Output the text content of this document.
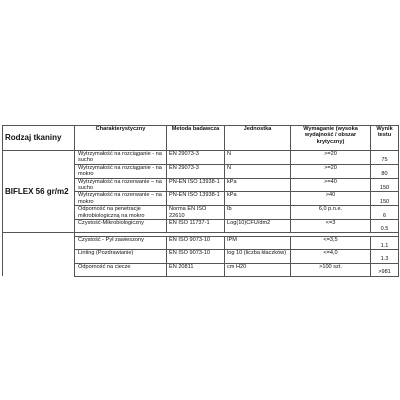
Rodzaj tkaniny	Charakterystyczny	Metoda badawcza	Jednostka	Wymaganie (wysoka wydajność / obszar krytyczny)	Wynik testu
BIFLEX 56 gr/m2	Wytrzymałość na rozciąganie - na sucho	EN 29073-3	N	>=20	75
	Wytrzymałość na rozciąganie - na mokro	EN 29073-3	N	>=20	80
	Wytrzymałość na rozerwanie – na sucho	PN-EN ISO 13938-1	kPa	>=40	150
	Wytrzymałość na rozerwanie – na mokro	PN-EN ISO 13938-1	kPa	>40	150
	Odporność na penetracje mikrobiologiczną na mokro	Norma EN ISO 22610	Ib	6,0 p.n.e.	6
	Czystość-Mikrobiologiczny	EN ISO 11737-1	Log(10)CFU/dm2	<=3	0.5

	Czystość - Pył zawieszony	EN ISO 9073-10	IPM	<=3,5	1.1
	Linting (Pozdrawianie)	EN ISO 9073-10	log 10 (liczba kłaczków)	<=4,0	1.3
	Odporność na ciecze	EN 20811	cm H20	>100 szt.	>981
